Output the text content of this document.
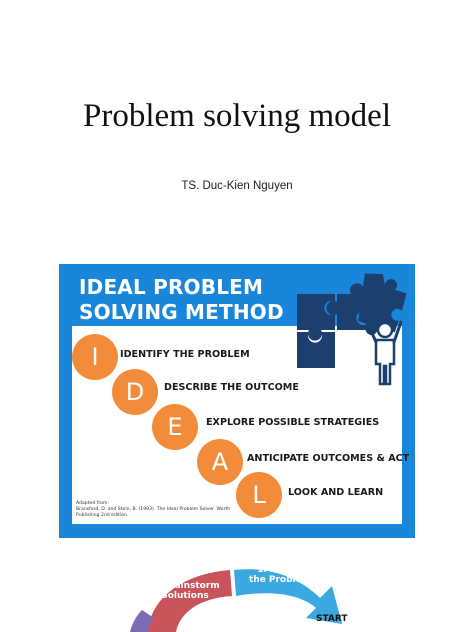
Problem solving model
TS. Duc-Kien Nguyen
IDEAL PROBLEM
SOLVING METHOD
I	IDENTIFY THE PROBLEM
D	DESCRIBE THE OUTCOME
E	EXPLORE POSSIBLE STRATEGIES
A	ANTICIPATE OUTCOMES & ACT
L	LOOK AND LEARN
Adapted from:
Bransford, D. and Stein, B. (1993). The Ideal Problem Solver. Worth
Publishing 2nd edition.
2. Brainstorm
Solutions
1. Define
the Problem
START
